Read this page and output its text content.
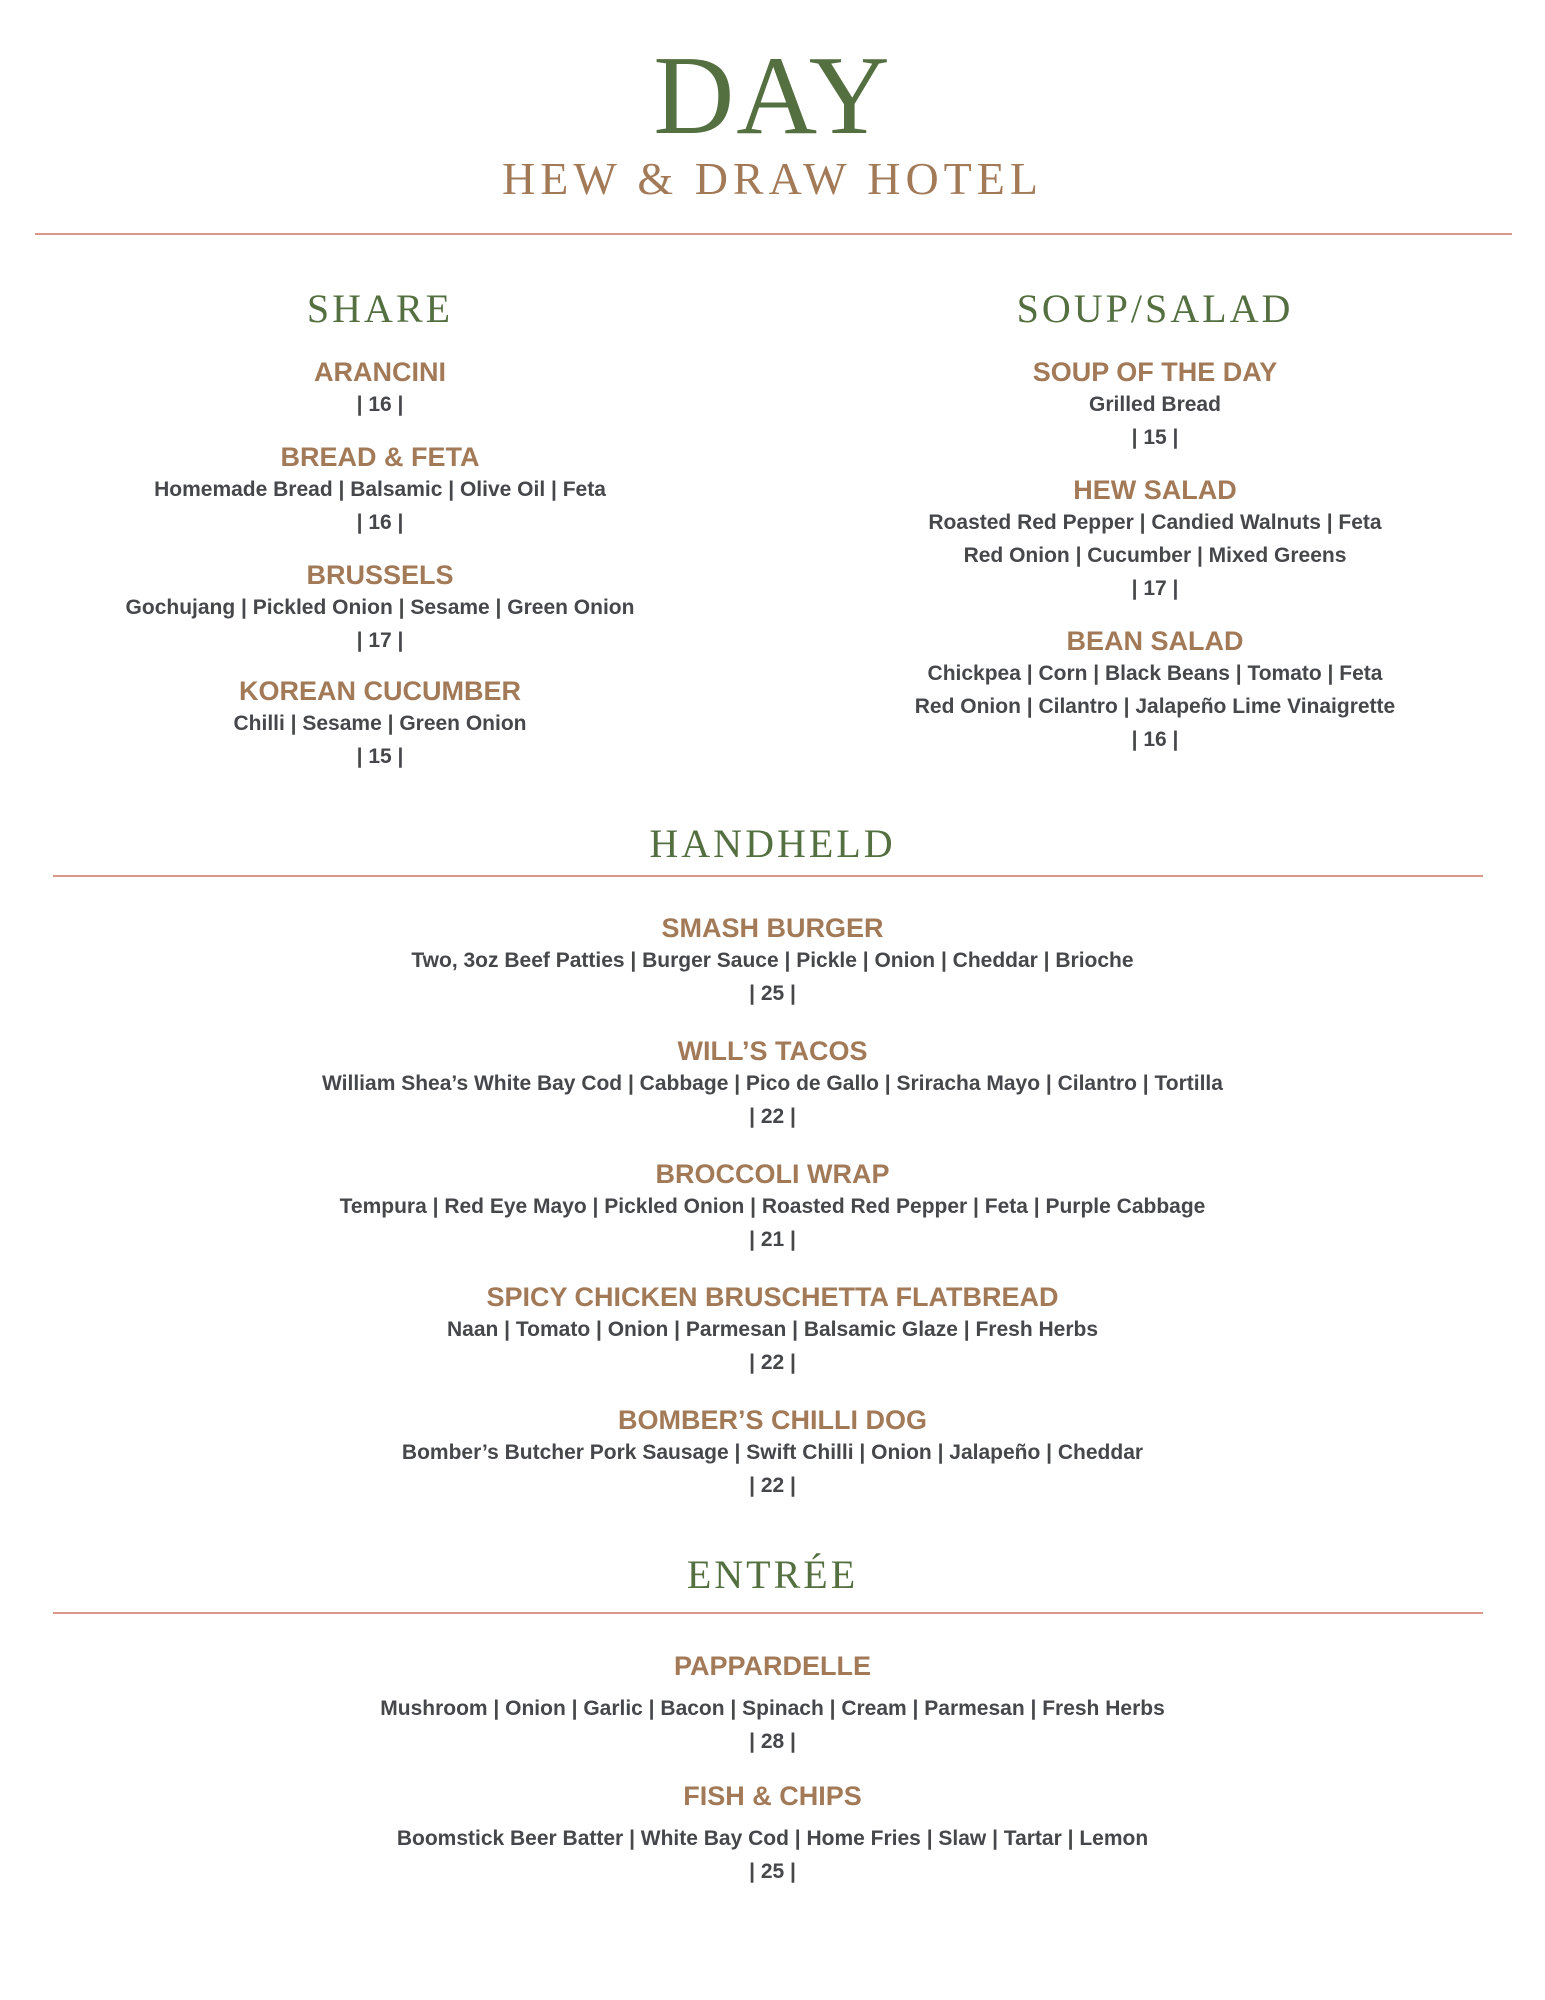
DAY
HEW & DRAW HOTEL
SHARE
ARANCINI
| 16 |
BREAD & FETA
Homemade Bread | Balsamic | Olive Oil | Feta
| 16 |
BRUSSELS
Gochujang | Pickled Onion | Sesame | Green Onion
| 17 |
KOREAN CUCUMBER
Chilli | Sesame | Green Onion
| 15 |
SOUP/SALAD
SOUP OF THE DAY
Grilled Bread
| 15 |
HEW SALAD
Roasted Red Pepper | Candied Walnuts | Feta
Red Onion | Cucumber | Mixed Greens
| 17 |
BEAN SALAD
Chickpea | Corn | Black Beans | Tomato | Feta
Red Onion | Cilantro | Jalapeño Lime Vinaigrette
| 16 |
HANDHELD
SMASH BURGER
Two, 3oz Beef Patties | Burger Sauce | Pickle | Onion | Cheddar | Brioche
| 25 |
WILL’S TACOS
William Shea’s White Bay Cod | Cabbage | Pico de Gallo | Sriracha Mayo | Cilantro | Tortilla
| 22 |
BROCCOLI WRAP
Tempura | Red Eye Mayo | Pickled Onion | Roasted Red Pepper | Feta | Purple Cabbage
| 21 |
SPICY CHICKEN BRUSCHETTA FLATBREAD
Naan | Tomato | Onion | Parmesan | Balsamic Glaze | Fresh Herbs
| 22 |
BOMBER’S CHILLI DOG
Bomber’s Butcher Pork Sausage | Swift Chilli | Onion | Jalapeño | Cheddar
| 22 |
ENTRÉE
PAPPARDELLE
Mushroom | Onion | Garlic | Bacon | Spinach | Cream | Parmesan | Fresh Herbs
| 28 |
FISH & CHIPS
Boomstick Beer Batter | White Bay Cod | Home Fries | Slaw | Tartar | Lemon
| 25 |
